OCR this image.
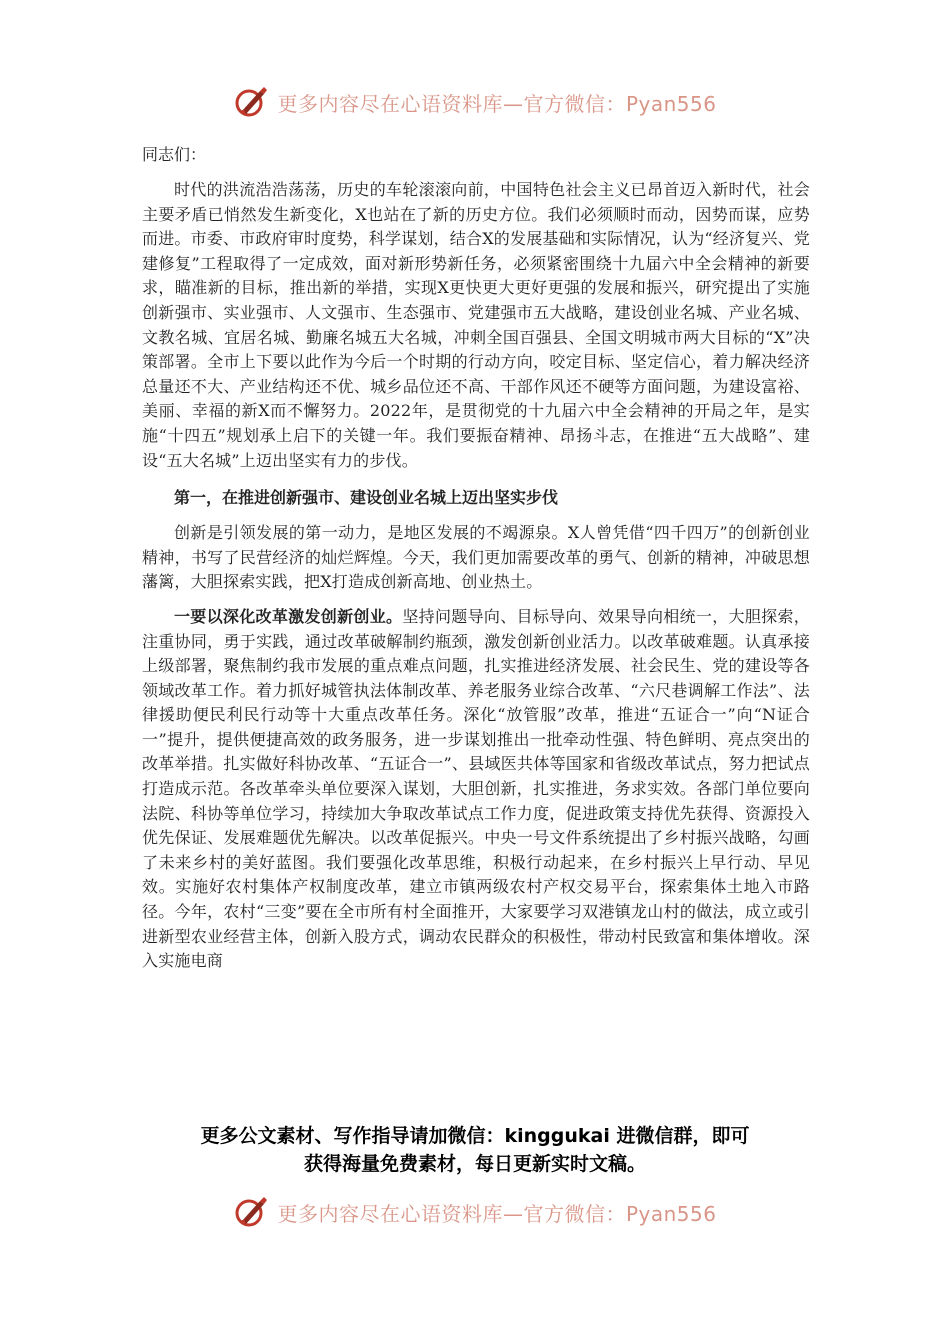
更多内容尽在心语资料库—官方微信：Pyan556
同志们：

时代的洪流浩浩荡荡，历史的车轮滚滚向前，中国特色社会主义已昂首迈入新时代，社会主要矛盾已悄然发生新变化，X也站在了新的历史方位。我们必须顺时而动，因势而谋，应势而进。市委、市政府审时度势，科学谋划，结合X的发展基础和实际情况，认为“经济复兴、党建修复”工程取得了一定成效，面对新形势新任务，必须紧密围绕十九届六中全会精神的新要求，瞄准新的目标，推出新的举措，实现X更快更大更好更强的发展和振兴，研究提出了实施创新强市、实业强市、人文强市、生态强市、党建强市五大战略，建设创业名城、产业名城、文教名城、宜居名城、勤廉名城五大名城，冲刺全国百强县、全国文明城市两大目标的“X”决策部署。全市上下要以此作为今后一个时期的行动方向，咬定目标、坚定信心，着力解决经济总量还不大、产业结构还不优、城乡品位还不高、干部作风还不硬等方面问题，为建设富裕、美丽、幸福的新X而不懈努力。2022年，是贯彻党的十九届六中全会精神的开局之年，是实施“十四五”规划承上启下的关键一年。我们要振奋精神、昂扬斗志，在推进“五大战略”、建设“五大名城”上迈出坚实有力的步伐。

第一，在推进创新强市、建设创业名城上迈出坚实步伐

创新是引领发展的第一动力，是地区发展的不竭源泉。X人曾凭借“四千四万”的创新创业精神，书写了民营经济的灿烂辉煌。今天，我们更加需要改革的勇气、创新的精神，冲破思想藩篱，大胆探索实践，把X打造成创新高地、创业热土。

一要以深化改革激发创新创业。坚持问题导向、目标导向、效果导向相统一，大胆探索，注重协同，勇于实践，通过改革破解制约瓶颈，激发创新创业活力。以改革破难题。认真承接上级部署，聚焦制约我市发展的重点难点问题，扎实推进经济发展、社会民生、党的建设等各领域改革工作。着力抓好城管执法体制改革、养老服务业综合改革、“六尺巷调解工作法”、法律援助便民利民行动等十大重点改革任务。深化“放管服”改革，推进“五证合一”向“N证合一”提升，提供便捷高效的政务服务，进一步谋划推出一批牵动性强、特色鲜明、亮点突出的改革举措。扎实做好科协改革、“五证合一”、县域医共体等国家和省级改革试点，努力把试点打造成示范。各改革牵头单位要深入谋划，大胆创新，扎实推进，务求实效。各部门单位要向法院、科协等单位学习，持续加大争取改革试点工作力度，促进政策支持优先获得、资源投入优先保证、发展难题优先解决。以改革促振兴。中央一号文件系统提出了乡村振兴战略，勾画了未来乡村的美好蓝图。我们要强化改革思维，积极行动起来，在乡村振兴上早行动、早见效。实施好农村集体产权制度改革，建立市镇两级农村产权交易平台，探索集体土地入市路径。今年，农村“三变”要在全市所有村全面推开，大家要学习双港镇龙山村的做法，成立或引进新型农业经营主体，创新入股方式，调动农民群众的积极性，带动村民致富和集体增收。深入实施电商

更多公文素材、写作指导请加微信：kinggukai 进微信群，即可
获得海量免费素材，每日更新实时文稿。
更多内容尽在心语资料库—官方微信：Pyan556
